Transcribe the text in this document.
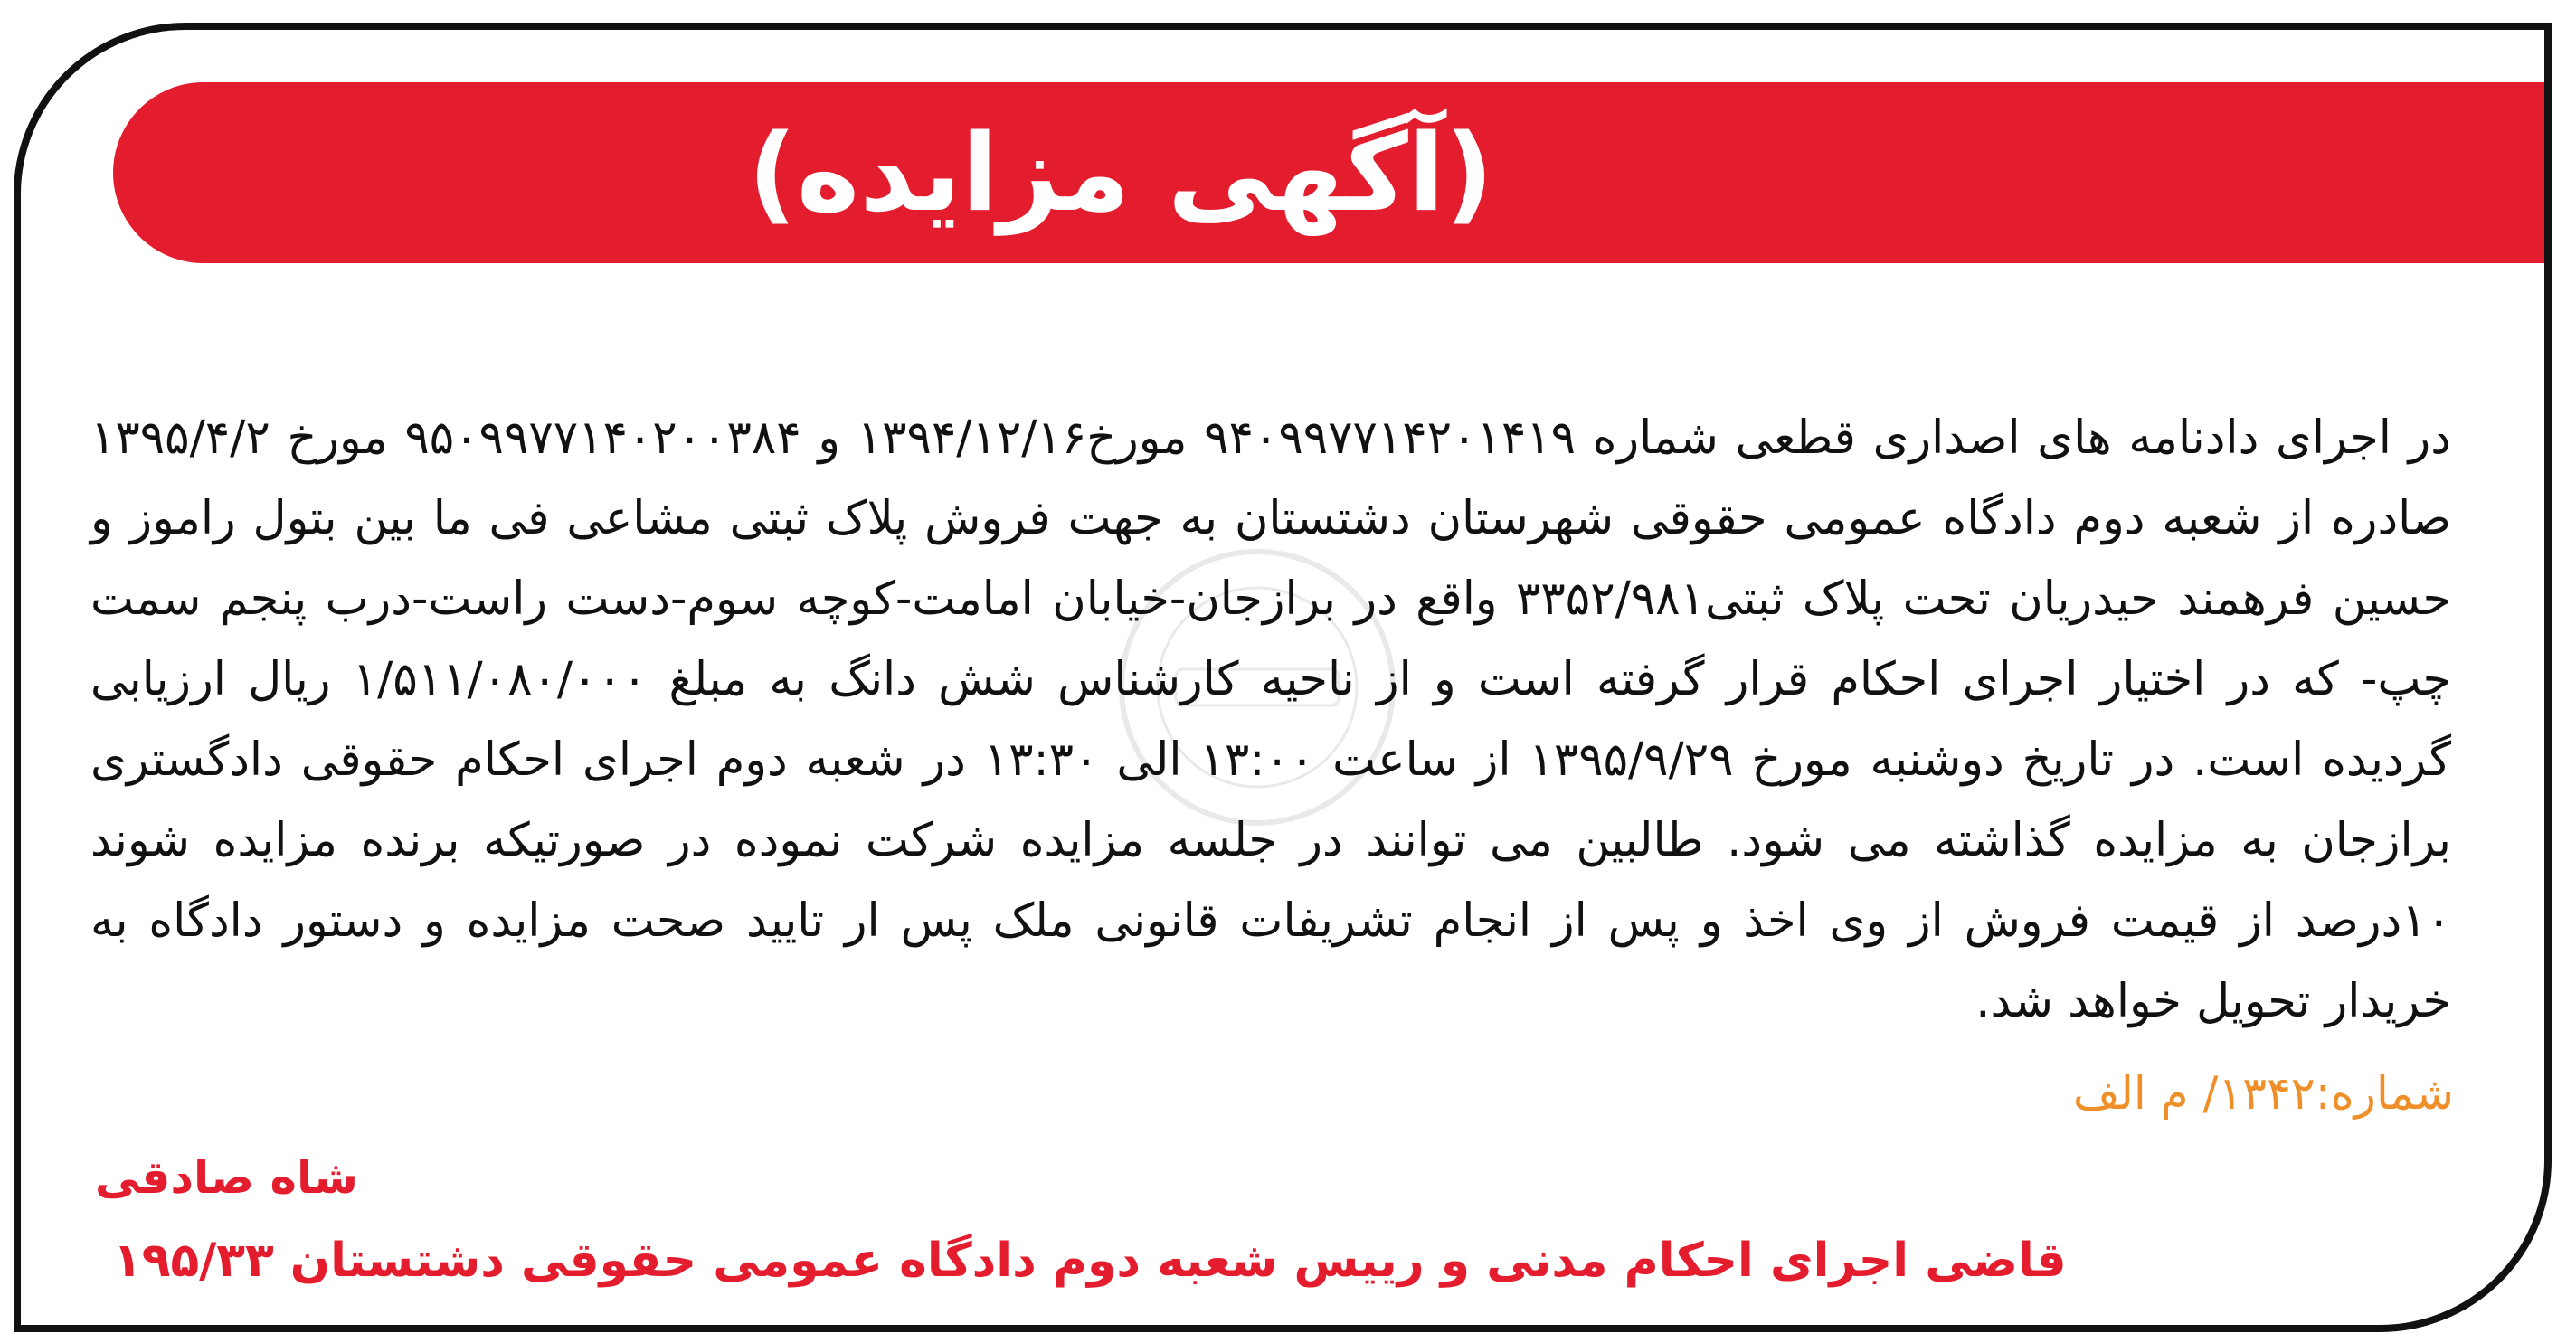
(آگهی مزایده)
در اجرای دادنامه های اصداری قطعی شماره ۹۴۰۹۹۷۷۱۴۲۰۱۴۱۹ مورخ۱۳۹۴/۱۲/۱۶ و ۹۵۰۹۹۷۷۱۴۰۲۰۰۳۸۴ مورخ ۱۳۹۵/۴/۲ صادره از شعبه دوم دادگاه عمومی حقوقی شهرستان دشتستان به جهت فروش پلاک ثبتی مشاعی فی ما بین بتول راموز و حسین فرهمند حیدریان تحت پلاک ثبتی۳۳۵۲/۹۸۱ واقع در برازجان-خیابان امامت-کوچه سوم-دست راست-درب پنجم سمت چپ- که در اختیار اجرای احکام قرار گرفته است و از ناحیه کارشناس شش دانگ به مبلغ ۱/۵۱۱/۰۸۰/۰۰۰ ریال ارزیابی گردیده است. در تاریخ دوشنبه مورخ ۱۳۹۵/۹/۲۹ از ساعت ۱۳:۰۰ الی ۱۳:۳۰ در شعبه دوم اجرای احکام حقوقی دادگستری برازجان به مزایده گذاشته می شود. طالبین می توانند در جلسه مزایده شرکت نموده در صورتیکه برنده مزایده شوند ۱۰درصد از قیمت فروش از وی اخذ و پس از انجام تشریفات قانونی ملک پس ار تایید صحت مزایده و دستور دادگاه به خریدار تحویل خواهد شد.
شماره:۱۳۴۲/ م الف
شاه صادقی
قاضی اجرای احکام مدنی و رییس شعبه دوم دادگاه عمومی حقوقی دشتستان ۱۹۵/۳۳
